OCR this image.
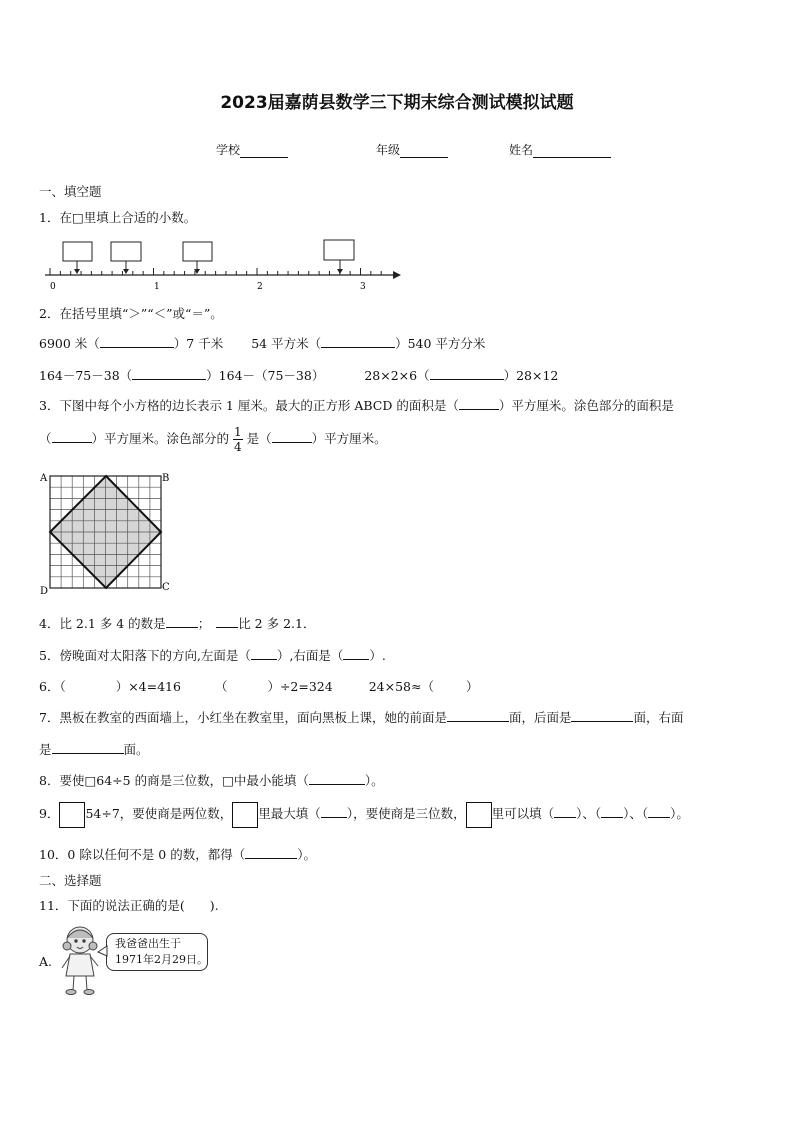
2023届嘉荫县数学三下期末综合测试模拟试题
学校	年级	姓名
一、填空题
1．在□里填上合适的小数。
0	1	2	3
2．在括号里填“＞”“＜”或“＝”。
6900 米（	）7 千米 54 平方米（	）540 平方分米
164－75－38（	）164－（75－38）	28×2×6（	）28×12
3．下图中每个小方格的边长表示 1 厘米。最大的正方形 ABCD 的面积是（	）平方厘米。涂色部分的面积是
（	）平方厘米。涂色部分的 $\frac{1}{4}$ 是（	）平方厘米。
A	B
C
D
4．比 2.1 多 4 的数是	； 比 2 多 2.1．
5．傍晚面对太阳落下的方向,左面是（ ）,右面是（ ）.
6．（	）×4=416	（	）÷2=324	24×58≈（	）
7．黑板在教室的西面墙上，小红坐在教室里，面向黑板上课，她的前面是	面，后面是	面，右面
是	面。
8．要使□64÷5 的商是三位数，□中最小能填（	）。
9． 54÷7，要使商是两位数， 里最大填（ ），要使商是三位数， 里可以填（ ）、（ ）、（ ）。
10．0 除以任何不是 0 的数，都得（	）。
二、选择题
11．下面的说法正确的是(　　).
A.
我爸爸出生于
1971年2月29日。
